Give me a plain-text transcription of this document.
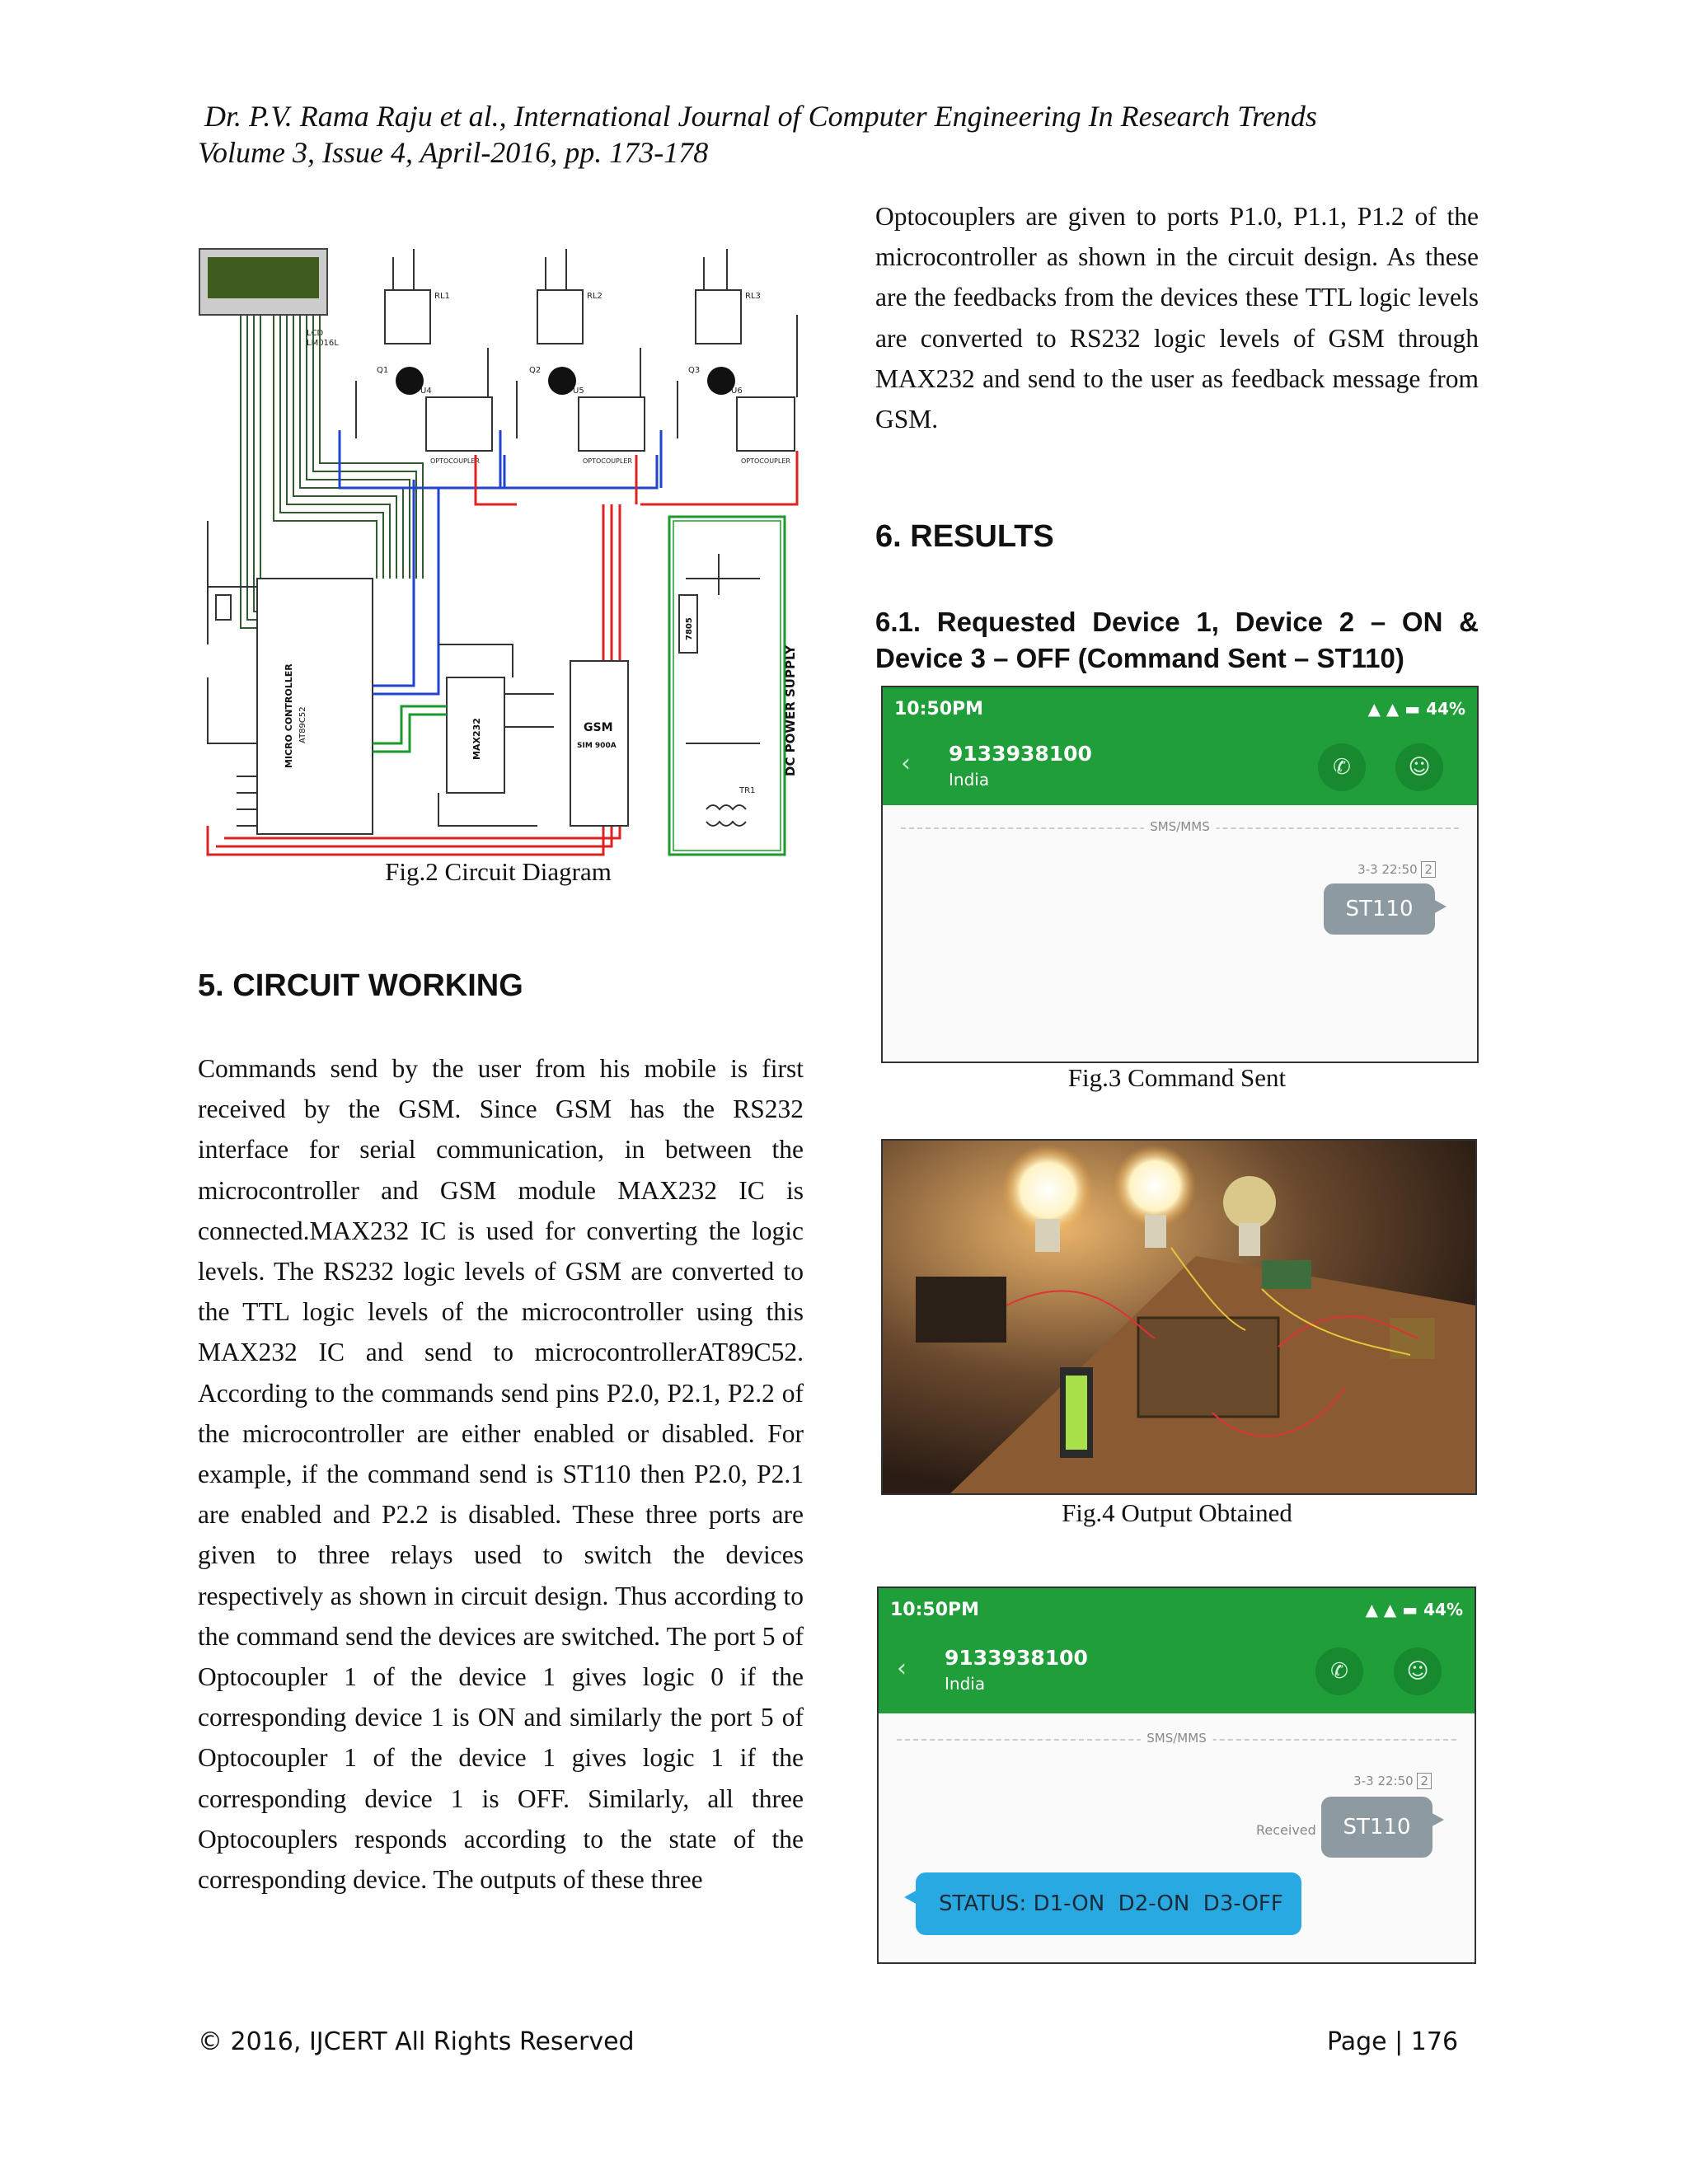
Dr. P.V. Rama Raju et al., International Journal of Computer Engineering In Research Trends
Volume 3, Issue 4, April-2016, pp. 173-178
LCD
LM016L
MICRO CONTROLLER AT89C52
RL1	RL2	RL3
Q1	Q2	Q3
U4	U5	U6
OPTOCOUPLER	OPTOCOUPLER	OPTOCOUPLER
MAX232	GSM
SIM 900A
7805
DC POWER SUPPLY
TR1
Fig.2 Circuit Diagram
5. CIRCUIT WORKING

Commands send by the user from his mobile is first received by the GSM. Since GSM has the RS232 interface for serial communication, in between the microcontroller and GSM module MAX232 IC is connected.MAX232 IC is used for converting the logic levels. The RS232 logic levels of GSM are converted to the TTL logic levels of the microcontroller using this MAX232 IC and send to microcontrollerAT89C52. According to the commands send pins P2.0, P2.1, P2.2 of the microcontroller are either enabled or disabled. For example, if the command send is ST110 then P2.0, P2.1 are enabled and P2.2 is disabled. These three ports are given to three relays used to switch the devices respectively as shown in circuit design. Thus according to the command send the devices are switched. The port 5 of Optocoupler 1 of the device 1 gives logic 0 if the corresponding device 1 is ON and similarly the port 5 of Optocoupler 1 of the device 1 gives logic 1 if the corresponding device 1 is OFF. Similarly, all three Optocouplers responds according to the state of the corresponding device. The outputs of these three

Optocouplers are given to ports P1.0, P1.1, P1.2 of the microcontroller as shown in the circuit design. As these are the feedbacks from the devices these TTL logic levels are converted to RS232 logic levels of GSM through MAX232 and send to the user as feedback message from GSM.

6. RESULTS
6.1. Requested Device 1, Device 2 – ON & Device 3 – OFF (Command Sent – ST110)
10:50PM	▲ ▲ ▬ 44%
‹ 9133938100
India	✆	☺
SMS/MMS
3-3 22:50 2
ST110
Fig.3 Command Sent
Fig.4 Output Obtained
10:50PM	▲ ▲ ▬ 44%
‹ 9133938100
India	✆	☺
SMS/MMS
3-3 22:50 2
Received	ST110
STATUS: D1-ON  D2-ON  D3-OFF
© 2016, IJCERT All Rights Reserved	Page | 176
